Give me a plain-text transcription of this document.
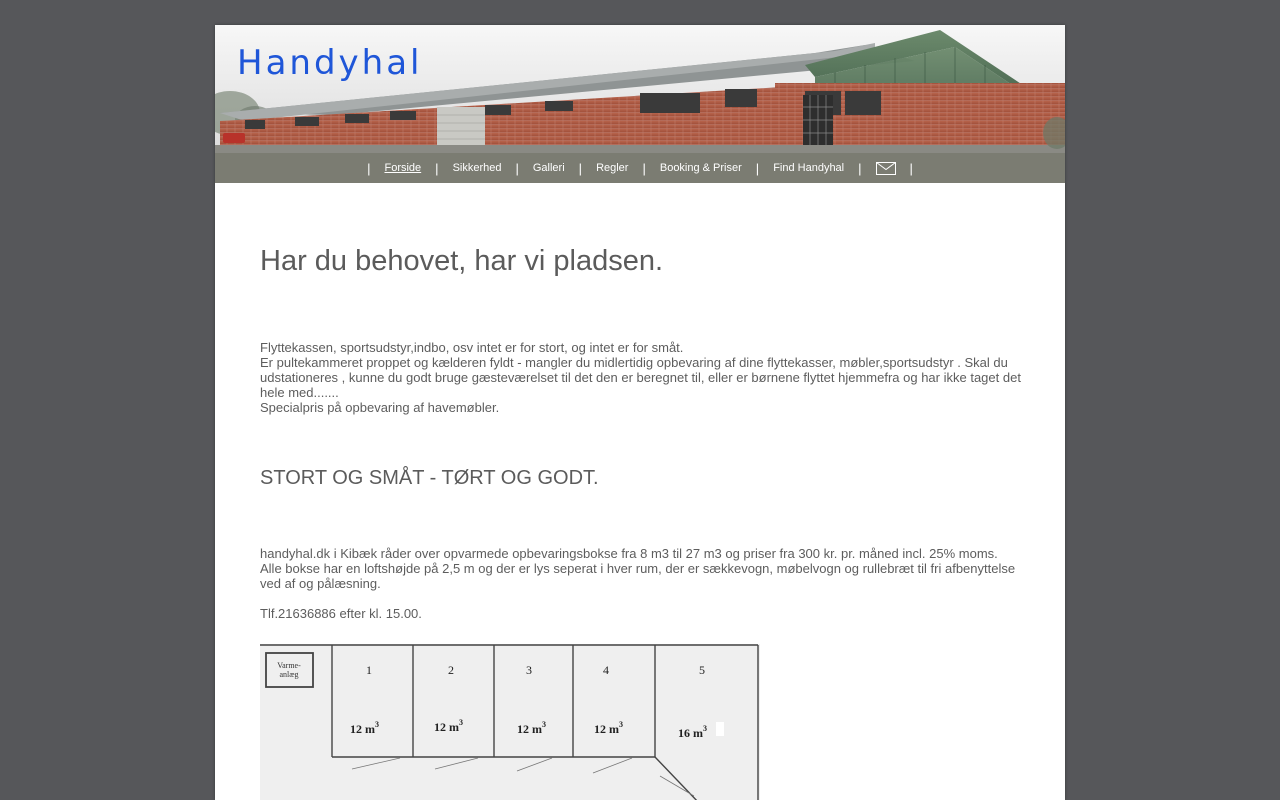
Handyhal
| Forside | Sikkerhed | Galleri | Regler | Booking & Priser | Find Handyhal |	|
Har du behovet, har vi pladsen.

Flyttekassen, sportsudstyr,indbo, osv intet er for stort, og intet er for småt.

Er pultekammeret proppet og kælderen fyldt - mangler du midlertidig opbevaring af dine flyttekasser, møbler,sportsudstyr . Skal du udstationeres , kunne du godt bruge gæsteværelset til det den er beregnet til, eller er børnene flyttet hjemmefra og har ikke taget det hele med.......

Specialpris på opbevaring af havemøbler.

STORT OG SMÅT - TØRT OG GODT.

handyhal.dk i Kibæk råder over opvarmede opbevaringsbokse fra 8 m3 til 27 m3 og priser fra 300 kr. pr. måned incl. 25% moms.

Alle bokse har en loftshøjde på 2,5 m og der er lys seperat i hver rum, der er sækkevogn, møbelvogn og rullebræt til fri afbenyttelse ved af og pålæsning.

Tlf.21636886 efter kl. 15.00.

Varme-
anlæg	1	2	3	4	5
12 $m^3$	12 $m^3$	12 $m^3$	12 $m^3$
16 $m^3$
